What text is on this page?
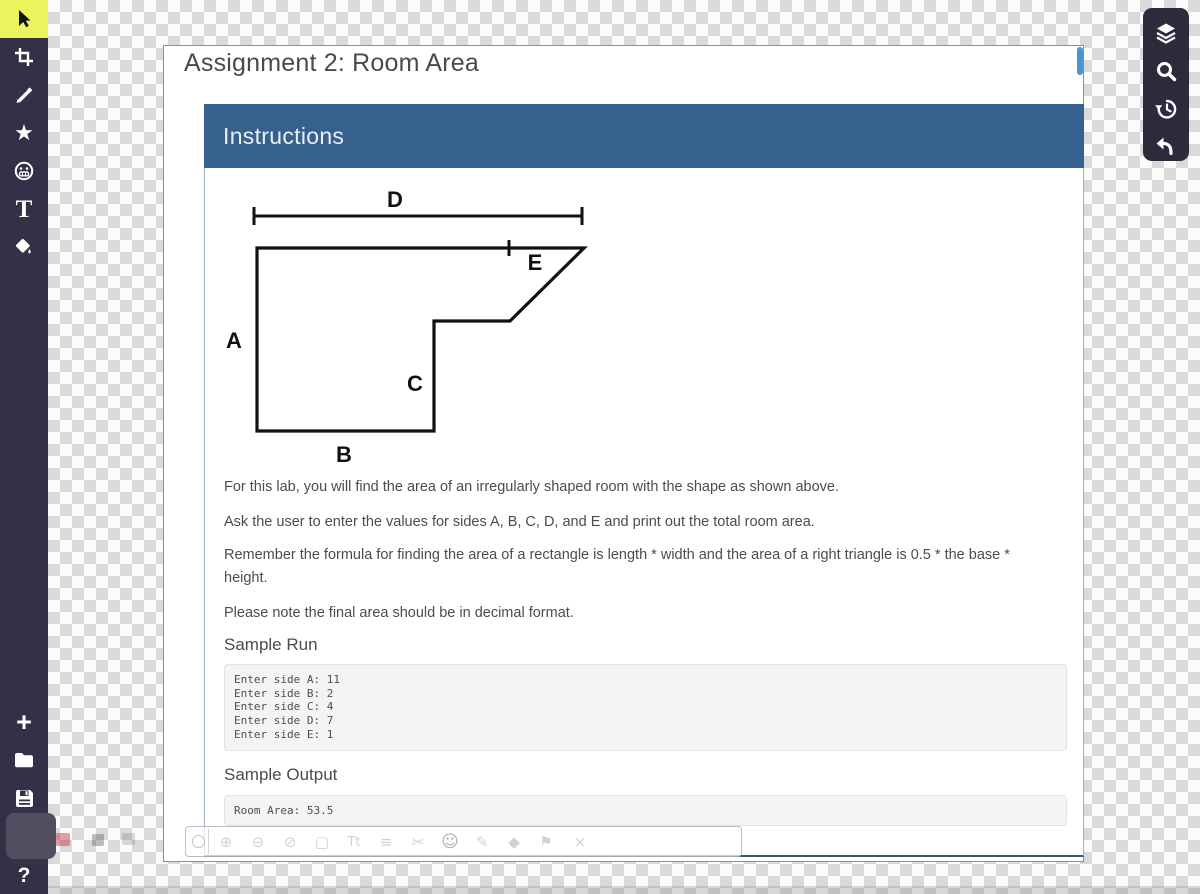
★
T
+
?
Assignment 2: Room Area
Instructions
D
A
B
C
E

For this lab, you will find the area of an irregularly shaped room with the shape as shown above.

Ask the user to enter the values for sides A, B, C, D, and E and print out the total room area.

Remember the formula for finding the area of a rectangle is length * width and the area of a right triangle is 0.5 * the base * height.

Please note the final area should be in decimal format.

Sample Run
Enter side A: 11
Enter side B: 2
Enter side C: 4
Enter side D: 7
Enter side E: 1
Sample Output
Room Area: 53.5
⊕	⊖	⊘	▢	Tt	≡	✂ ☺	✎	◆	⚑	×
